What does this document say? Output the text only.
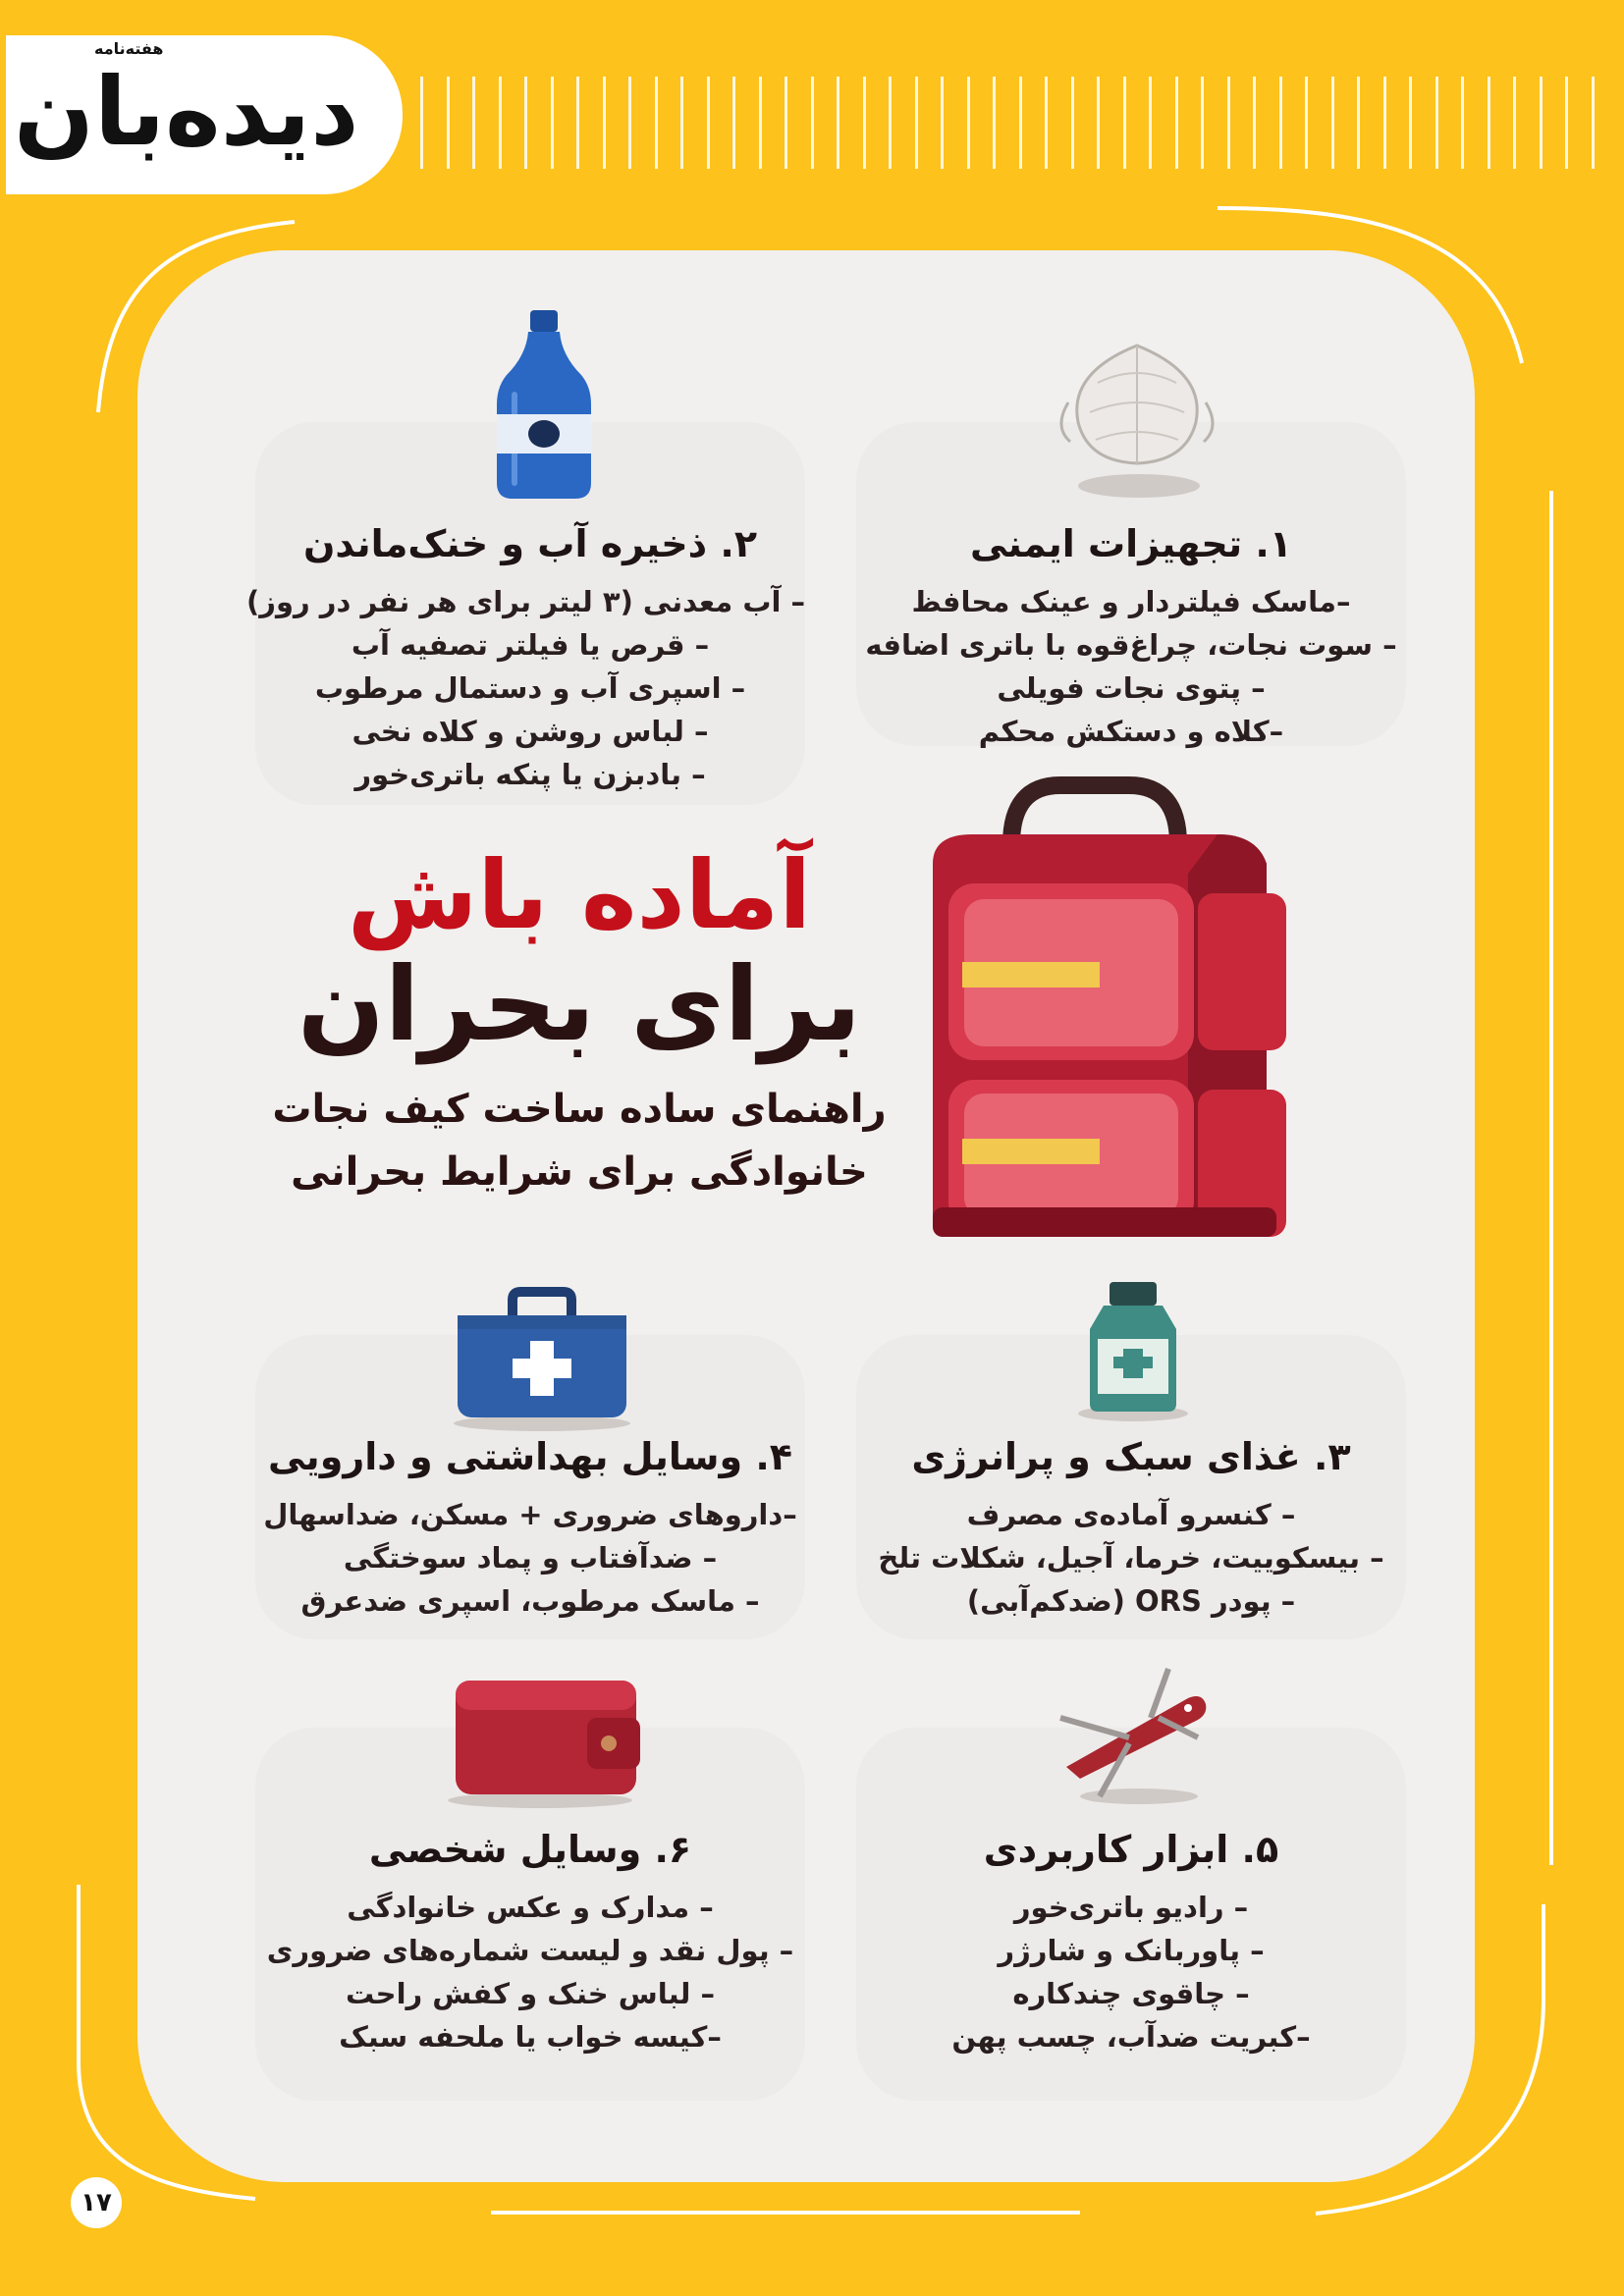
دیده‌بان
هفته‌نامه
۱. تجهیزات ایمنی
–ماسک فیلتردار و عینک محافظ
– سوت نجات، چراغ‌قوه با باتری اضافه
– پتوی نجات فویلی
–کلاه و دستکش محکم
۲. ذخیره آب و خنک‌ماندن
– آب معدنی (۳ لیتر برای هر نفر در روز)
– قرص یا فیلتر تصفیه آب
– اسپری آب و دستمال مرطوب
– لباس روشن و کلاه نخی
– بادبزن یا پنکه باتری‌خور
آماده باش
برای بحران
راهنمای ساده ساخت کیف نجات
خانوادگی برای شرایط بحرانی
۳. غذای سبک و پرانرژی
– کنسرو آماده‌ی مصرف
– بیسکوییت، خرما، آجیل، شکلات تلخ
– پودر ORS (ضدکم‌آبی)
۴. وسایل بهداشتی و دارویی
–داروهای ضروری + مسکن، ضداسهال
– ضدآفتاب و پماد سوختگی
– ماسک مرطوب، اسپری ضدعرق
۵. ابزار کاربردی
– رادیو باتری‌خور
– پاوربانک و شارژر
– چاقوی چندکاره
–کبریت ضدآب، چسب پهن
۶. وسایل شخصی
– مدارک و عکس خانوادگی
– پول نقد و لیست شماره‌های ضروری
– لباس خنک و کفش راحت
–کیسه خواب یا ملحفه سبک
۱۷
